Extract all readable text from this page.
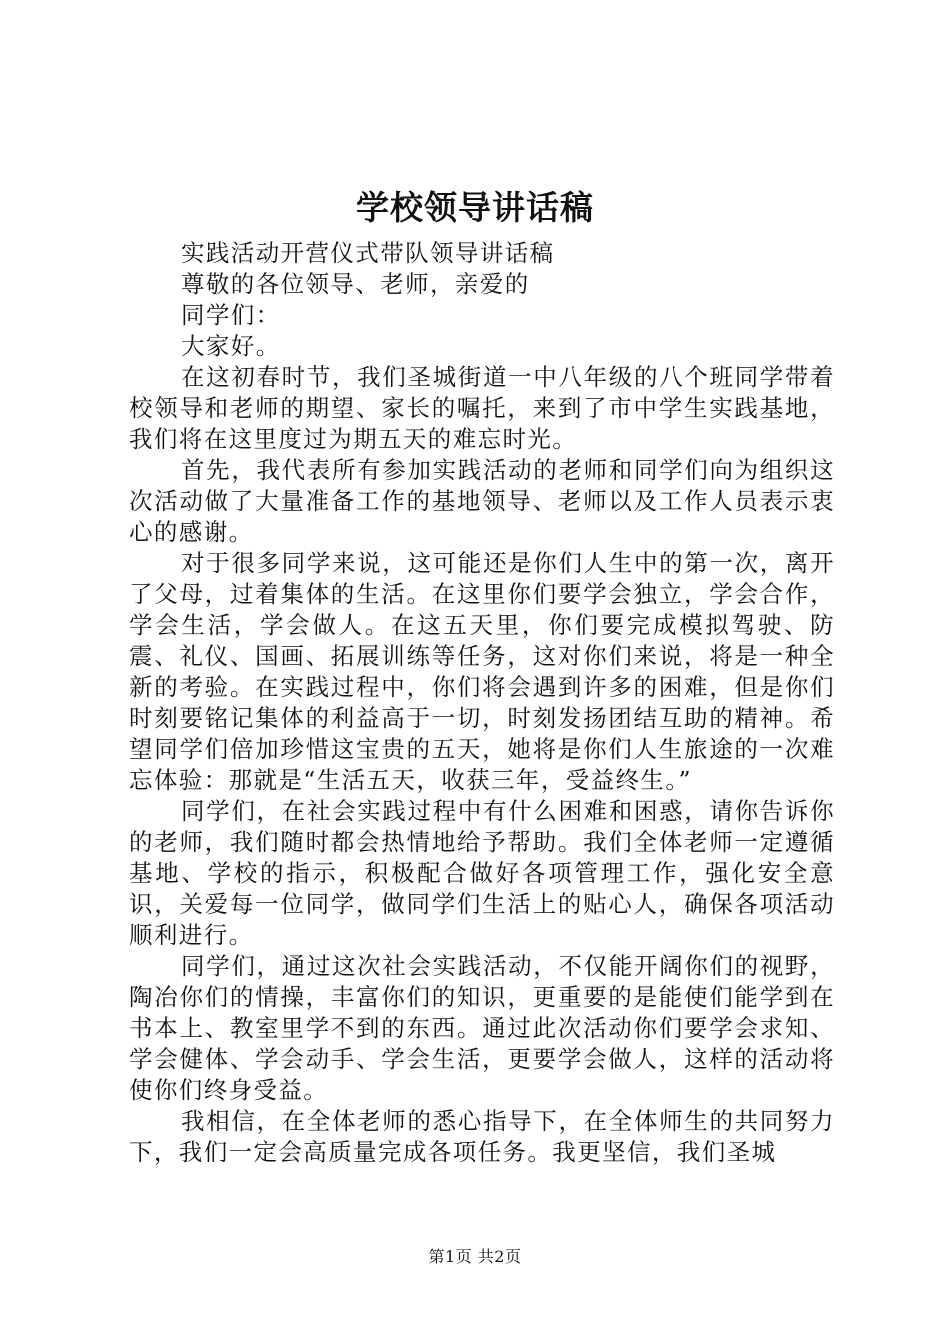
学校领导讲话稿

实践活动开营仪式带队领导讲话稿

尊敬的各位领导、老师，亲爱的

同学们：

大家好。

在这初春时节，我们圣城街道一中八年级的八个班同学带着校领导和老师的期望、家长的嘱托，来到了市中学生实践基地，我们将在这里度过为期五天的难忘时光。

首先，我代表所有参加实践活动的老师和同学们向为组织这次活动做了大量准备工作的基地领导、老师以及工作人员表示衷心的感谢。

对于很多同学来说，这可能还是你们人生中的第一次，离开了父母，过着集体的生活。在这里你们要学会独立，学会合作，学会生活，学会做人。在这五天里，你们要完成模拟驾驶、防震、礼仪、国画、拓展训练等任务，这对你们来说，将是一种全新的考验。在实践过程中，你们将会遇到许多的困难，但是你们时刻要铭记集体的利益高于一切，时刻发扬团结互助的精神。希望同学们倍加珍惜这宝贵的五天，她将是你们人生旅途的一次难忘体验：那就是“生活五天，收获三年，受益终生。”

同学们，在社会实践过程中有什么困难和困惑，请你告诉你的老师，我们随时都会热情地给予帮助。我们全体老师一定遵循基地、学校的指示，积极配合做好各项管理工作，强化安全意识，关爱每一位同学，做同学们生活上的贴心人，确保各项活动顺利进行。

同学们，通过这次社会实践活动，不仅能开阔你们的视野，陶冶你们的情操，丰富你们的知识，更重要的是能使们能学到在书本上、教室里学不到的东西。通过此次活动你们要学会求知、学会健体、学会动手、学会生活，更要学会做人，这样的活动将使你们终身受益。

我相信，在全体老师的悉心指导下，在全体师生的共同努力下，我们一定会高质量完成各项任务。我更坚信，我们圣城

第1页 共2页
